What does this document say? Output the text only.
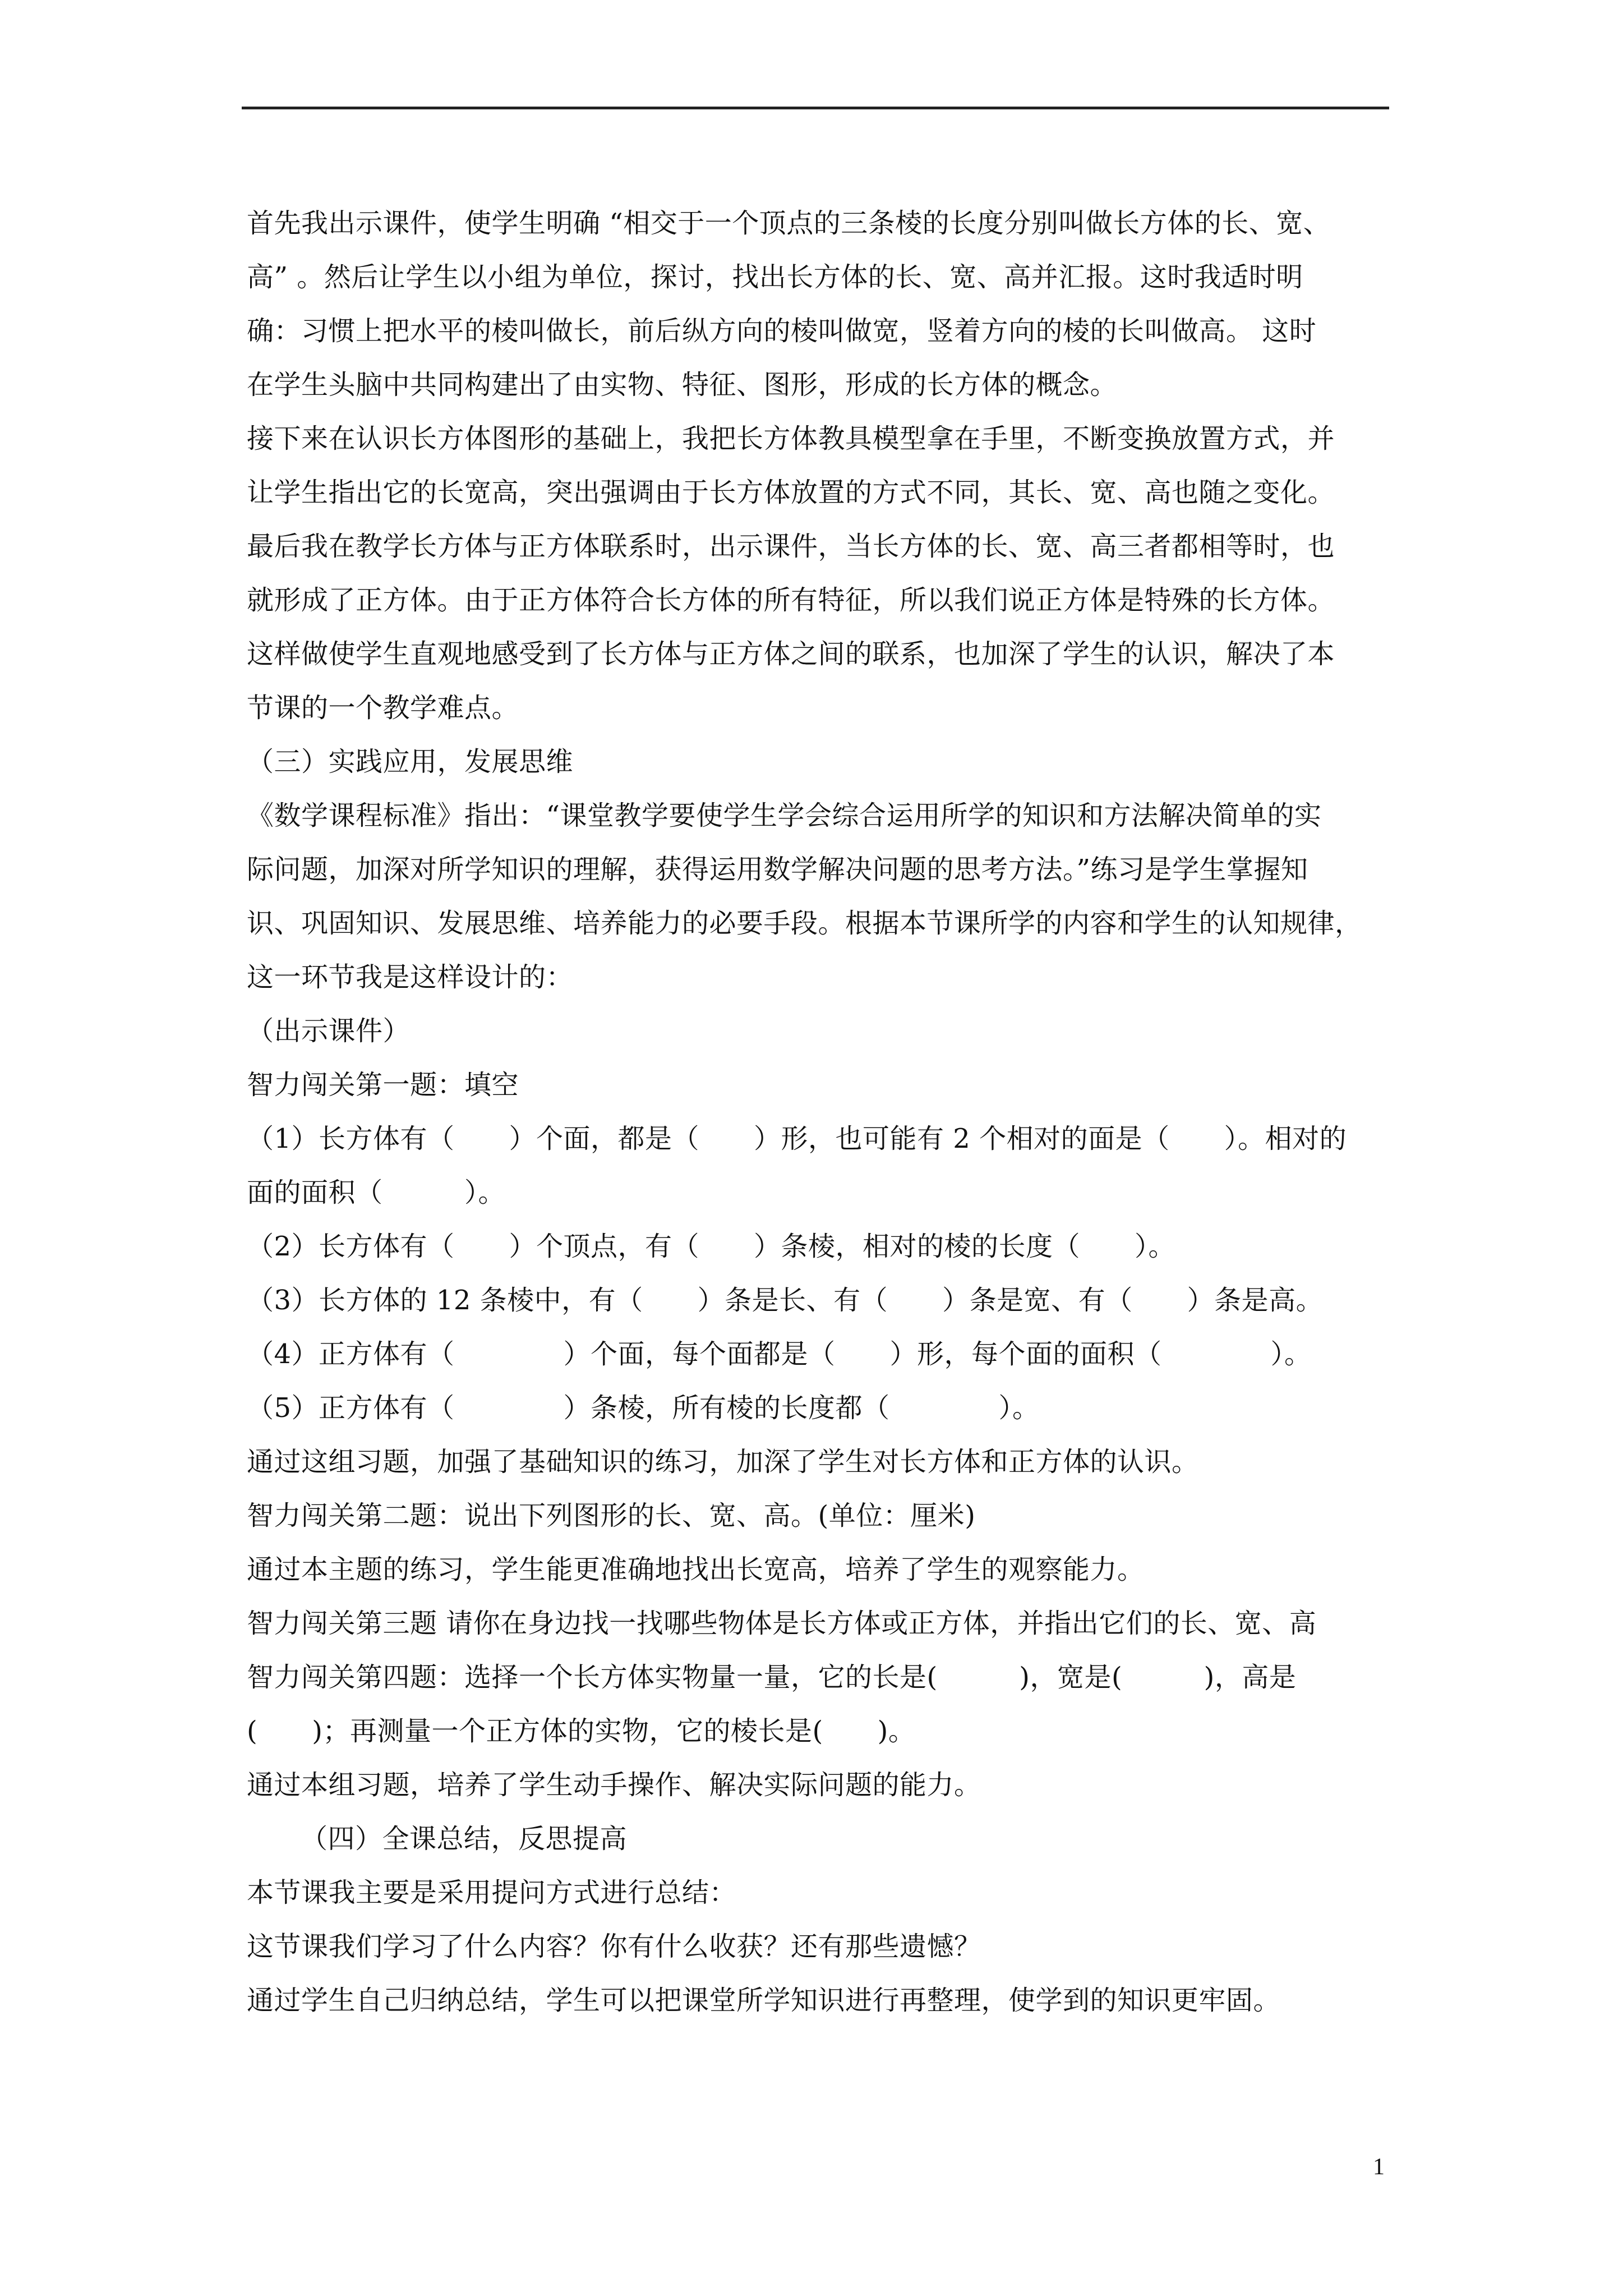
首先我出示课件，使学生明确 “相交于一个顶点的三条棱的长度分别叫做长方体的长、宽、

高” 。然后让学生以小组为单位，探讨，找出长方体的长、宽、高并汇报。这时我适时明

确：习惯上把水平的棱叫做长，前后纵方向的棱叫做宽，竖着方向的棱的长叫做高。 这时

在学生头脑中共同构建出了由实物、特征、图形，形成的长方体的概念。

接下来在认识长方体图形的基础上，我把长方体教具模型拿在手里，不断变换放置方式，并

让学生指出它的长宽高，突出强调由于长方体放置的方式不同，其长、宽、高也随之变化。

最后我在教学长方体与正方体联系时，出示课件，当长方体的长、宽、高三者都相等时，也

就形成了正方体。由于正方体符合长方体的所有特征，所以我们说正方体是特殊的长方体。

这样做使学生直观地感受到了长方体与正方体之间的联系，也加深了学生的认识，解决了本

节课的一个教学难点。

（三）实践应用，发展思维

《数学课程标准》指出：“课堂教学要使学生学会综合运用所学的知识和方法解决简单的实

际问题，加深对所学知识的理解，获得运用数学解决问题的思考方法。”练习是学生掌握知

识、巩固知识、发展思维、培养能力的必要手段。根据本节课所学的内容和学生的认知规律，

这一环节我是这样设计的：

（出示课件）

智力闯关第一题：填空

（1）长方体有（　　）个面，都是（　　）形，也可能有 2 个相对的面是（　　）。相对的

面的面积（　　　）。

（2）长方体有（　　）个顶点，有（　　）条棱，相对的棱的长度（　　）。

（3）长方体的 12 条棱中，有（　　）条是长、有（　　）条是宽、有（　　）条是高。

（4）正方体有（　　　　）个面，每个面都是（　　）形，每个面的面积（　　　　）。

（5）正方体有（　　　　）条棱，所有棱的长度都（　　　　）。

通过这组习题，加强了基础知识的练习，加深了学生对长方体和正方体的认识。

智力闯关第二题：说出下列图形的长、宽、高。(单位：厘米)

通过本主题的练习，学生能更准确地找出长宽高，培养了学生的观察能力。

智力闯关第三题 请你在身边找一找哪些物体是长方体或正方体，并指出它们的长、宽、高

智力闯关第四题：选择一个长方体实物量一量，它的长是(　　　)，宽是(　　　)，高是

(　　)；再测量一个正方体的实物，它的棱长是(　　)。

通过本组习题，培养了学生动手操作、解决实际问题的能力。

（四）全课总结，反思提高

本节课我主要是采用提问方式进行总结：

这节课我们学习了什么内容？你有什么收获？还有那些遗憾？

通过学生自己归纳总结，学生可以把课堂所学知识进行再整理，使学到的知识更牢固。

1
